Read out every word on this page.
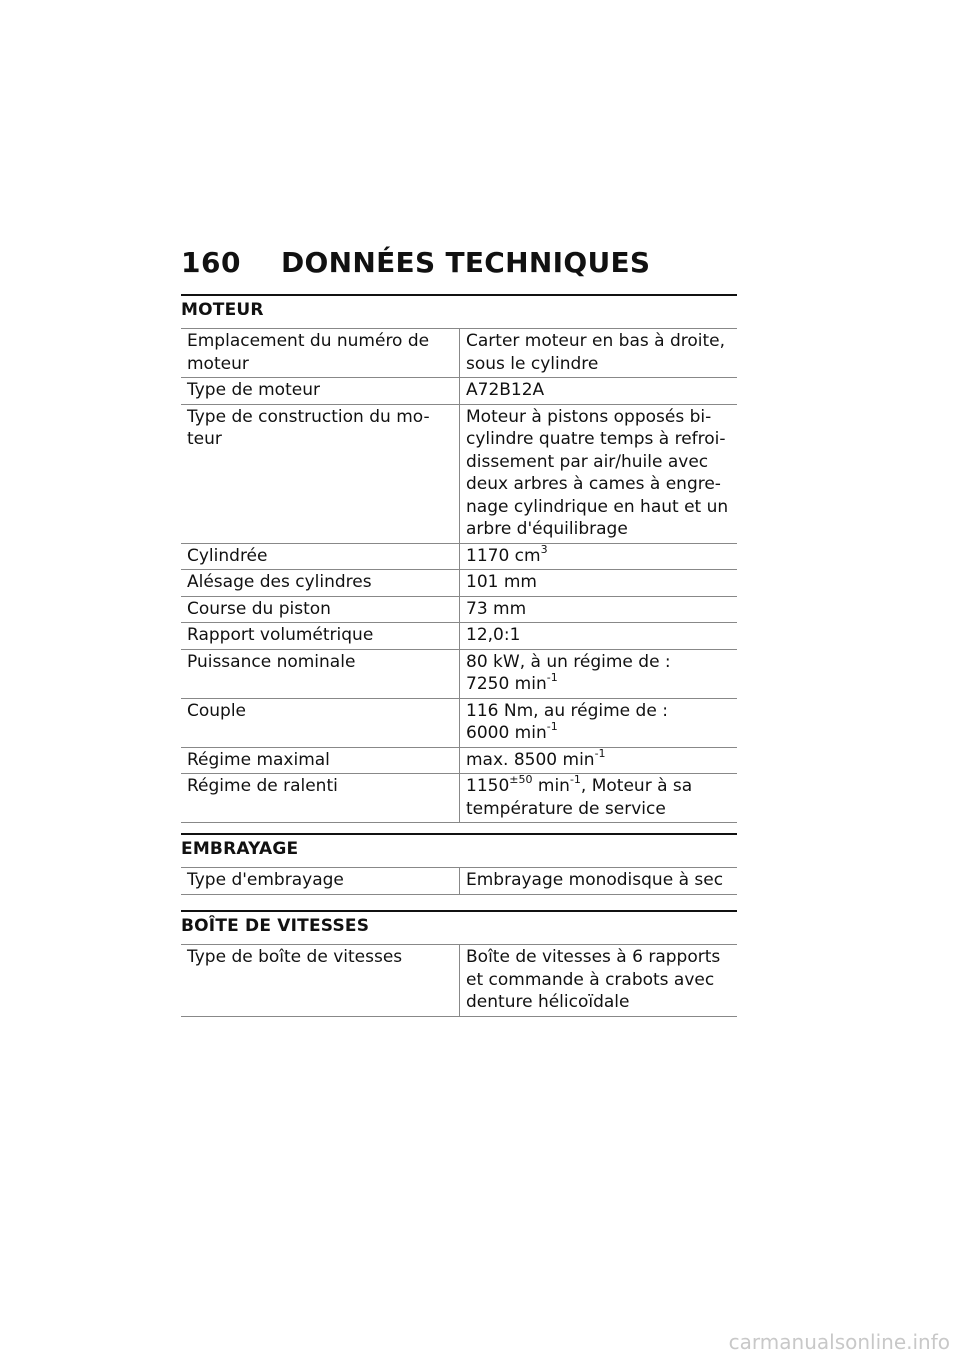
160	DONNÉES TECHNIQUES
MOTEUR
Emplacement du numéro de moteur	Carter moteur en bas à droite, sous le cylindre
Type de moteur	A72B12A
Type de construction du mo-teur	Moteur à pistons opposés bi-cylindre quatre temps à refroi-dissement par air/huile avec deux arbres à cames à engre-nage cylindrique en haut et un arbre d'équilibrage
Cylindrée	1170 $cm^3$
Alésage des cylindres	101 mm
Course du piston	73 mm
Rapport volumétrique	12,0:1
Puissance nominale	80 kW, à un régime de :
7250 $\min^{-1}$
Couple	116 Nm, au régime de :
6000 $\min^{-1}$
Régime maximal	max. 8500 $\min^{-1}$
Régime de ralenti	$1150^{\pm 50}$ $\min^{-1}$, Moteur à sa température de service
EMBRAYAGE
Type d'embrayage	Embrayage monodisque à sec
BOÎTE DE VITESSES
Type de boîte de vitesses	Boîte de vitesses à 6 rapports et commande à crabots avec denture hélicoïdale
carmanualsonline.info
